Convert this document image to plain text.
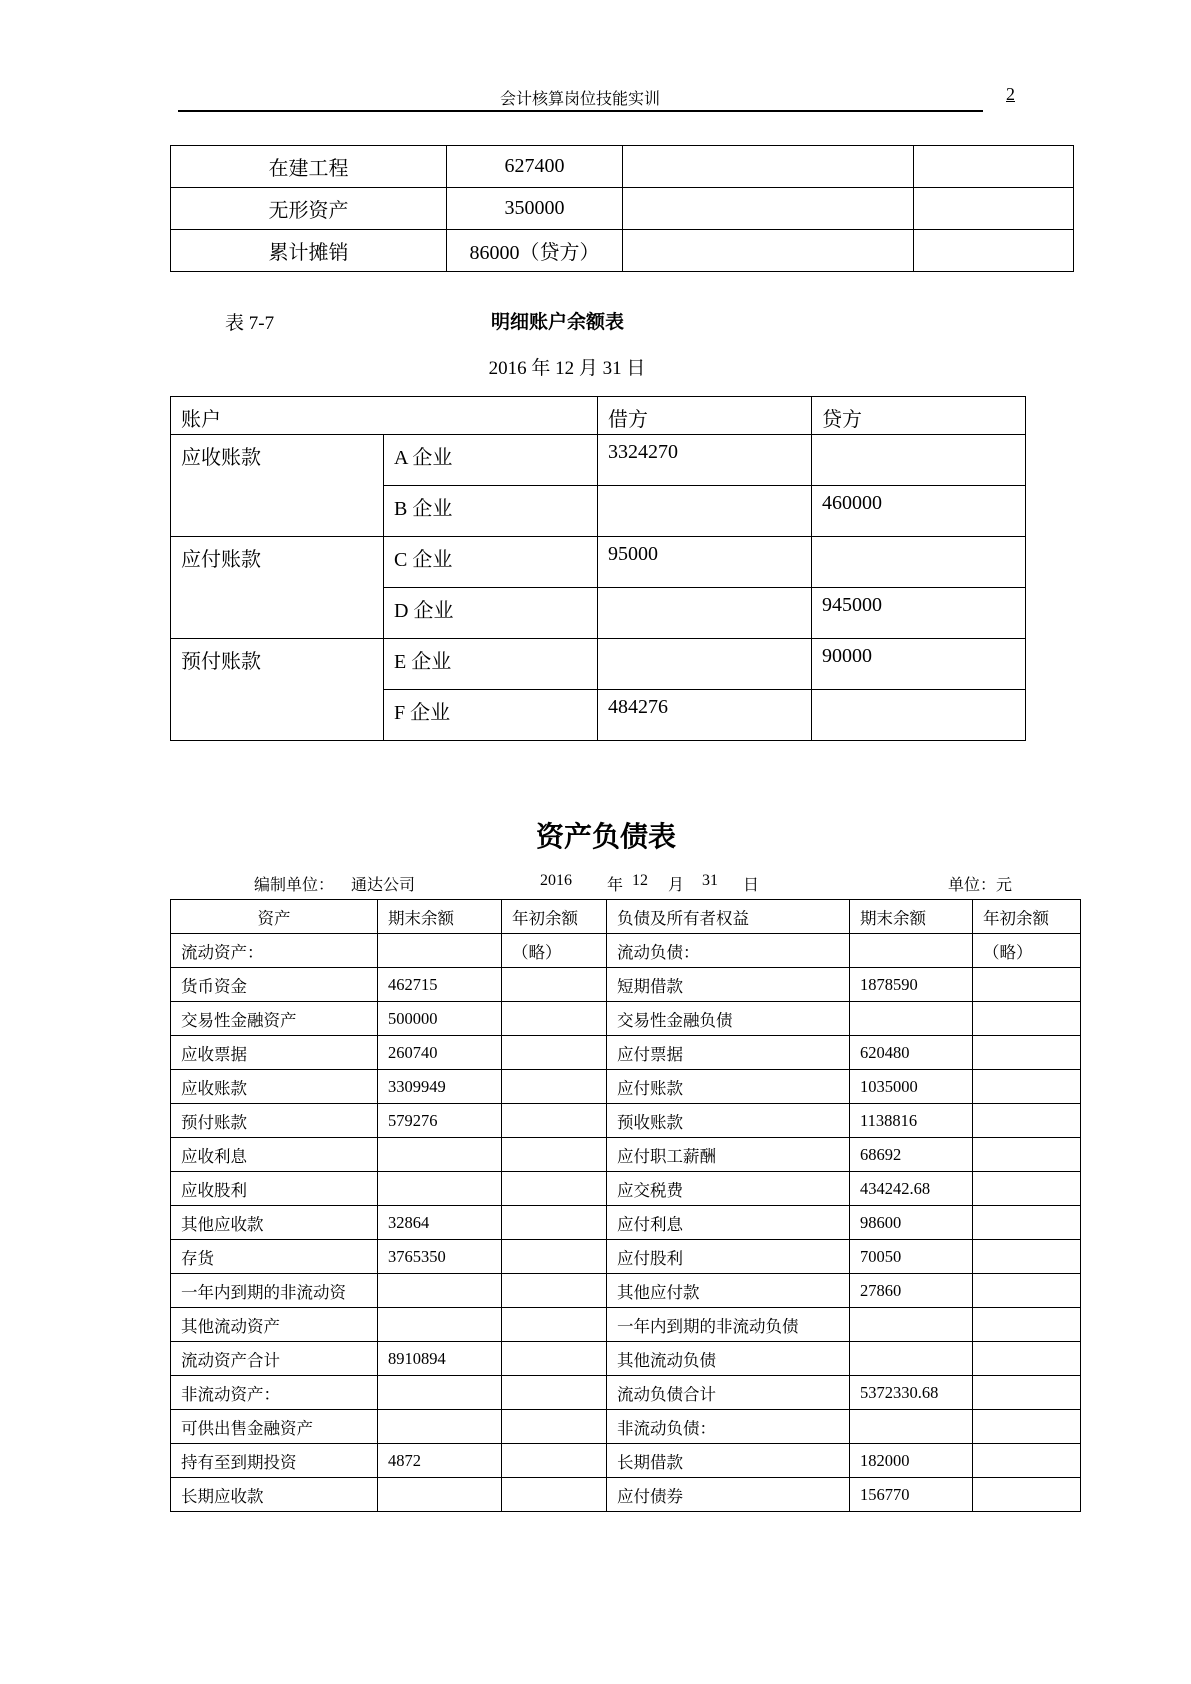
会计核算岗位技能实训	2
在建工程	627400		
无形资产	350000		
累计摊销	86000（贷方）		
表 7-7	明细账户余额表
2016 年 12 月 31 日
账户		借方	贷方
应收账款	A 企业	3324270	
	B 企业		460000
应付账款	C 企业	95000	
	D 企业		945000
预付账款	E 企业		90000
	F 企业	484276	
资产负债表
编制单位： 通达公司	2016 年 12 月 31 日	单位：元
资产	期末余额	年初余额	负债及所有者权益	期末余额	年初余额
流动资产：		（略）	流动负债：		（略）
货币资金	462715		短期借款	1878590	
交易性金融资产	500000		交易性金融负债		
应收票据	260740		应付票据	620480	
应收账款	3309949		应付账款	1035000	
预付账款	579276		预收账款	1138816	
应收利息			应付职工薪酬	68692	
应收股利			应交税费	434242.68	
其他应收款	32864		应付利息	98600	
存货	3765350		应付股利	70050	
一年内到期的非流动资			其他应付款	27860	
其他流动资产			一年内到期的非流动负债		
流动资产合计	8910894		其他流动负债		
非流动资产：			流动负债合计	5372330.68	
可供出售金融资产			非流动负债：		
持有至到期投资	4872		长期借款	182000	
长期应收款			应付债券	156770	
